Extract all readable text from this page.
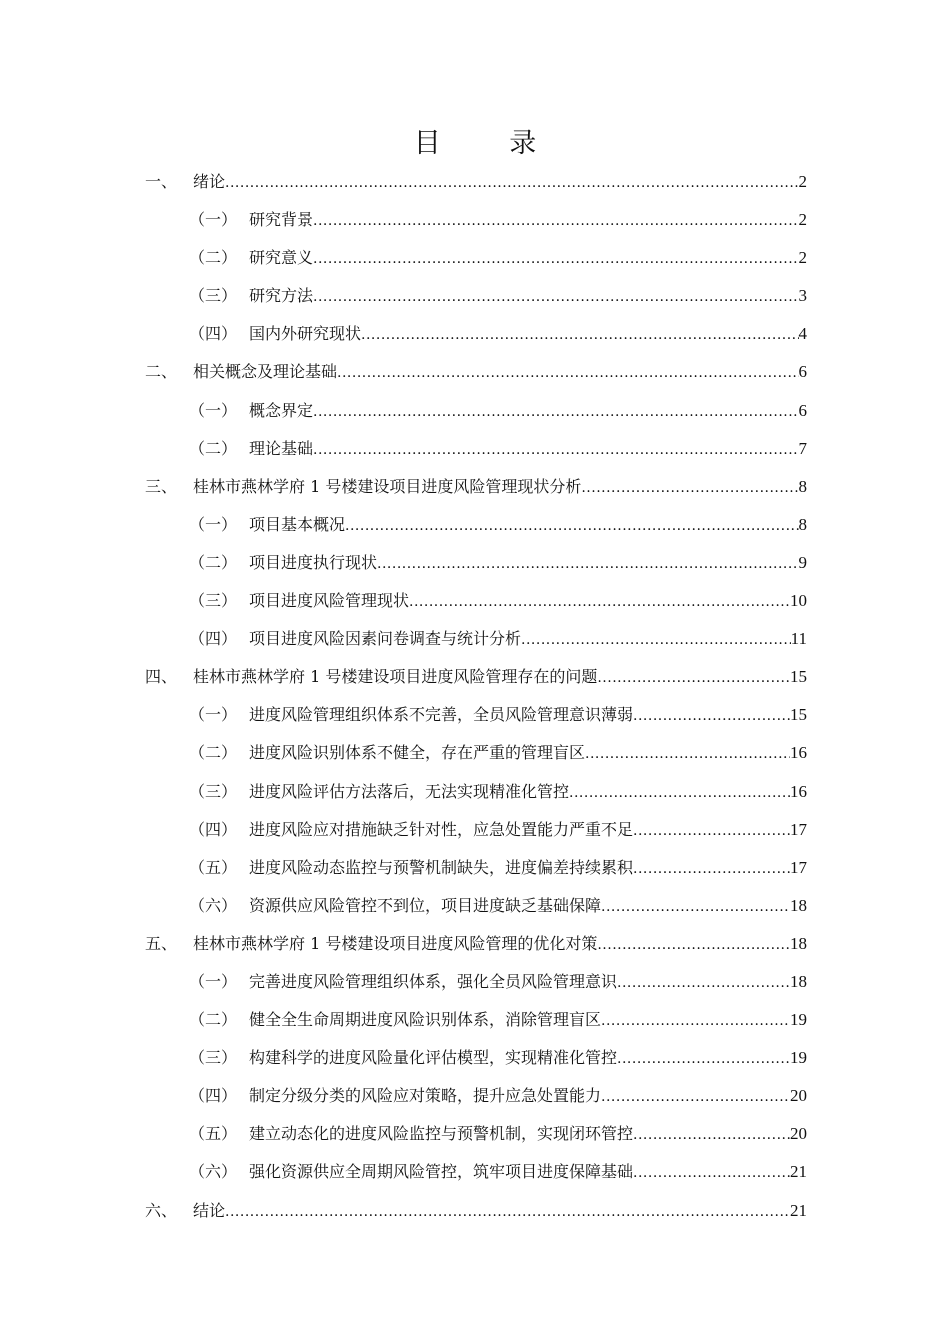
目 录
一、 绪论 .....	2
（一） 研究背景 .....	2
（二） 研究意义 .....	2
（三） 研究方法 .....	3
（四） 国内外研究现状 .....	4
二、 相关概念及理论基础 .....	6
（一） 概念界定 .....	6
（二） 理论基础 .....	7
三、 桂林市燕林学府 1 号楼建设项目进度风险管理现状分析 .....	8
（一） 项目基本概况 .....	8
（二） 项目进度执行现状 .....	9
（三） 项目进度风险管理现状 .....	10
（四） 项目进度风险因素问卷调查与统计分析 .....	11
四、 桂林市燕林学府 1 号楼建设项目进度风险管理存在的问题 .....	15
（一） 进度风险管理组织体系不完善，全员风险管理意识薄弱 .....	15
（二） 进度风险识别体系不健全，存在严重的管理盲区 .....	16
（三） 进度风险评估方法落后，无法实现精准化管控 .....	16
（四） 进度风险应对措施缺乏针对性，应急处置能力严重不足 .....	17
（五） 进度风险动态监控与预警机制缺失，进度偏差持续累积 .....	17
（六） 资源供应风险管控不到位，项目进度缺乏基础保障 .....	18
五、 桂林市燕林学府 1 号楼建设项目进度风险管理的优化对策 .....	18
（一） 完善进度风险管理组织体系，强化全员风险管理意识 .....	18
（二） 健全全生命周期进度风险识别体系，消除管理盲区 .....	19
（三） 构建科学的进度风险量化评估模型，实现精准化管控 .....	19
（四） 制定分级分类的风险应对策略，提升应急处置能力 .....	20
（五） 建立动态化的进度风险监控与预警机制，实现闭环管控 .....	20
（六） 强化资源供应全周期风险管控，筑牢项目进度保障基础 .....	21
六、 结论 .....	21
